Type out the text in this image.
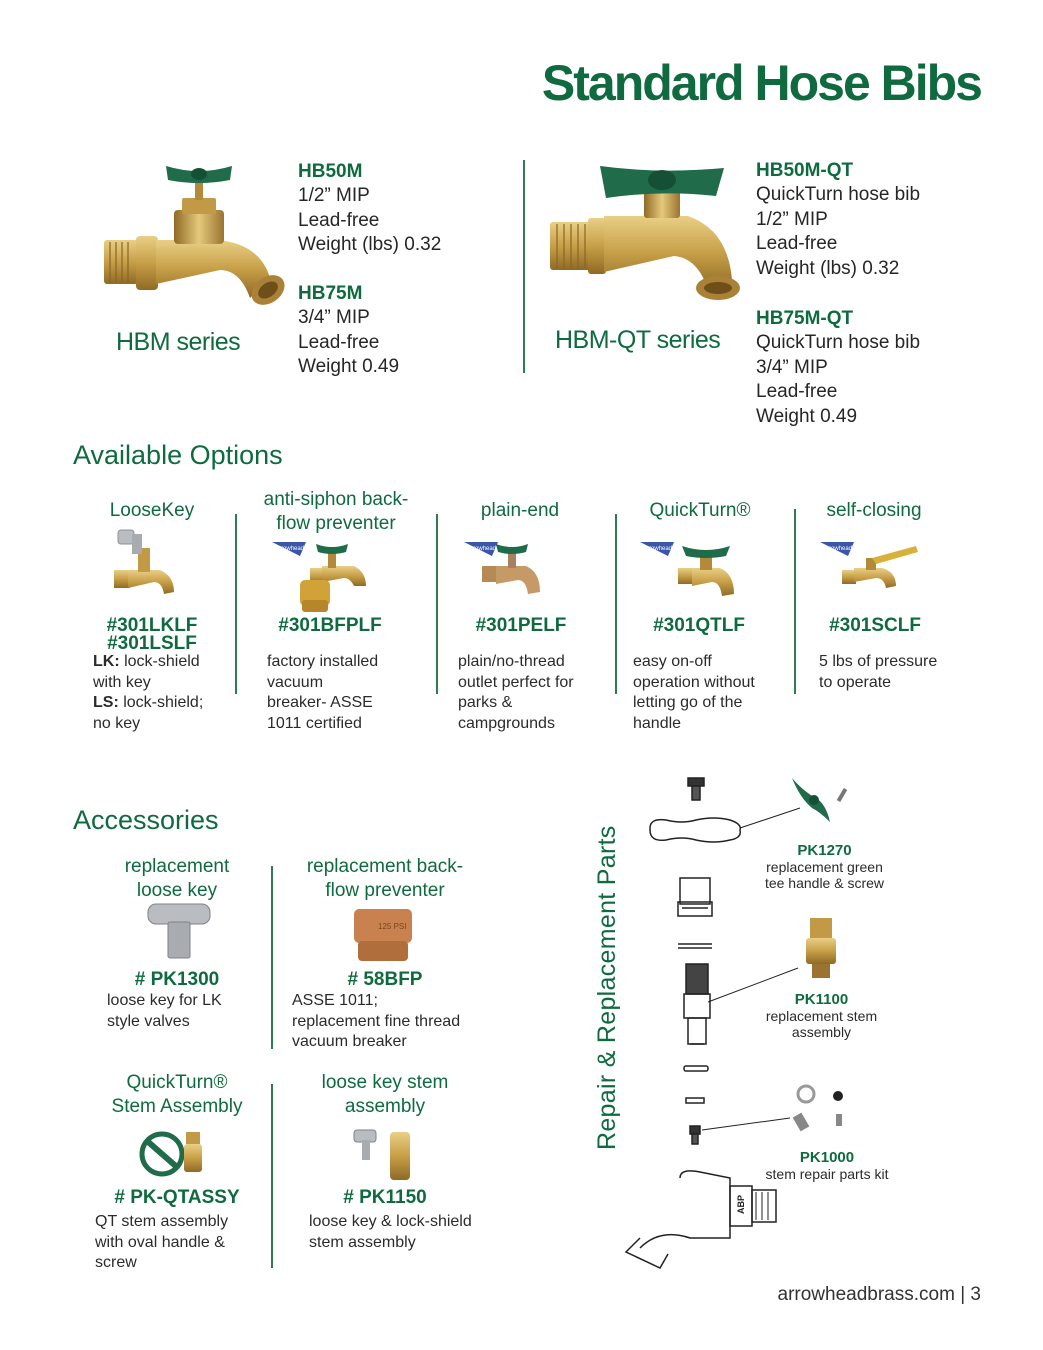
Standard Hose Bibs
HBM series
HB50M
1/2” MIP
Lead-free
Weight (lbs) 0.32
HB75M
3/4” MIP
Lead-free
Weight 0.49
HBM-QT series
HB50M-QT
QuickTurn hose bib
1/2” MIP
Lead-free
Weight (lbs) 0.32
HB75M-QT
QuickTurn hose bib
3/4” MIP
Lead-free
Weight 0.49
Available Options
LooseKey
#301LKLF
#301LSLF
LK: lock-shield
with key
LS: lock-shield;
no key
anti-siphon back-
flow preventer
Arrowhead
#301BFPLF
factory installed
vacuum
breaker- ASSE
1011 certified
plain-end
Arrowhead
#301PELF
plain/no-thread
outlet perfect for
parks &
campgrounds
QuickTurn®
Arrowhead
#301QTLF
easy on-off
operation without
letting go of the
handle
self-closing
Arrowhead
#301SCLF
5 lbs of pressure
to operate
Accessories
replacement
loose key
# PK1300
loose key for LK
style valves
replacement back-
flow preventer
125 PSI
# 58BFP
ASSE 1011;
replacement fine thread
vacuum breaker
QuickTurn®
Stem Assembly
# PK-QTASSY
QT stem assembly
with oval handle &
screw
loose key stem
assembly
# PK1150
loose key & lock-shield
stem assembly
Repair & Replacement Parts
ABP
PK1270
replacement green
tee handle & screw
PK1100
replacement stem
assembly
PK1000
stem repair parts kit
arrowheadbrass.com | 3
